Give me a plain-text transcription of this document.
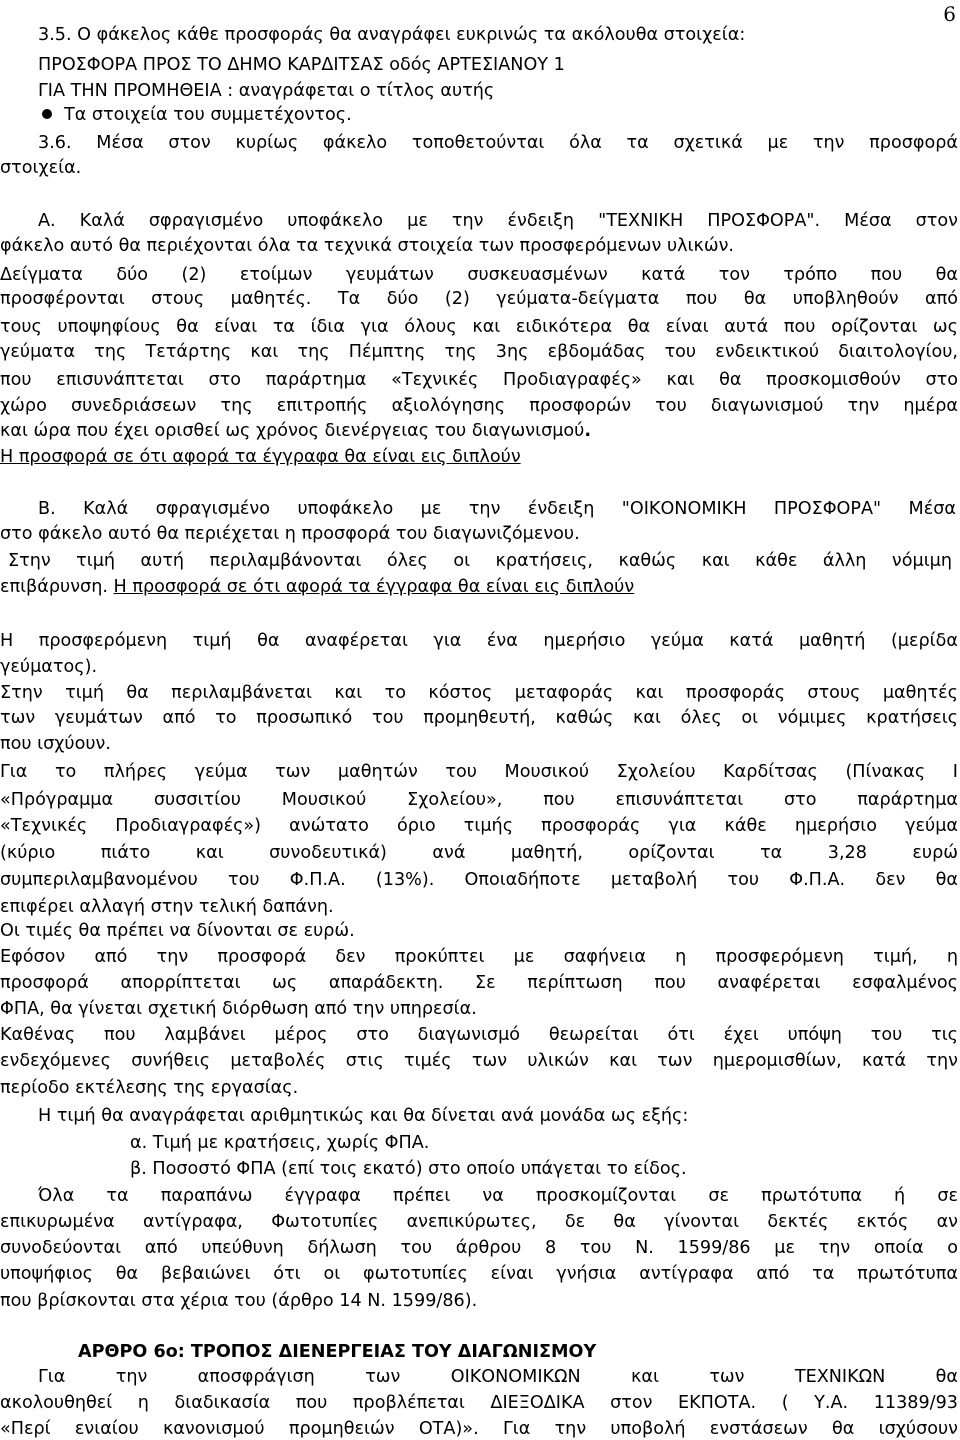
6
3.5. Ο φάκελος κάθε προσφοράς θα αναγράφει ευκρινώς τα ακόλουθα στοιχεία:
ΠΡΟΣΦΟΡΑ ΠΡΟΣ ΤΟ ΔΗΜΟ ΚΑΡΔΙΤΣΑΣ οδός ΑΡΤΕΣΙΑΝΟΥ 1
ΓΙΑ ΤΗΝ ΠΡΟΜΗΘΕΙΑ : αναγράφεται ο τίτλος αυτής
Τα στοιχεία του συμμετέχοντος.
3.6. Μέσα στον κυρίως φάκελο τοποθετούνται όλα τα σχετικά με την προσφορά
στοιχεία.
Α. Καλά σφραγισμένο υποφάκελο με την ένδειξη "ΤΕΧΝΙΚΗ ΠΡΟΣΦΟΡΑ". Μέσα στον
φάκελο αυτό θα περιέχονται όλα τα τεχνικά στοιχεία των προσφερόμενων υλικών.
Δείγματα δύο (2) ετοίμων γευμάτων συσκευασμένων κατά τον τρόπο που θα
προσφέρονται στους μαθητές. Τα δύο (2) γεύματα-δείγματα που θα υποβληθούν από
τους υποψηφίους θα είναι τα ίδια για όλους και ειδικότερα θα είναι αυτά που ορίζονται ως
γεύματα της Τετάρτης και της Πέμπτης της 3ης εβδομάδας του ενδεικτικού διαιτολογίου,
που επισυνάπτεται στο παράρτημα «Τεχνικές Προδιαγραφές» και θα προσκομισθούν στο
χώρο συνεδριάσεων της επιτροπής αξιολόγησης προσφορών του διαγωνισμού την ημέρα
και ώρα που έχει ορισθεί ως χρόνος διενέργειας του διαγωνισμού.
Η προσφορά σε ότι αφορά τα έγγραφα θα είναι εις διπλούν
Β. Καλά σφραγισμένο υποφάκελο με την ένδειξη "ΟΙΚΟΝΟΜΙΚΗ ΠΡΟΣΦΟΡΑ" Μέσα
στο φάκελο αυτό θα περιέχεται η προσφορά του διαγωνιζόμενου.
Στην τιμή αυτή περιλαμβάνονται όλες οι κρατήσεις, καθώς και κάθε άλλη νόμιμη
επιβάρυνση. Η προσφορά σε ότι αφορά τα έγγραφα θα είναι εις διπλούν
Η προσφερόμενη τιμή θα αναφέρεται για ένα ημερήσιο γεύμα κατά μαθητή (μερίδα
γεύματος).
Στην τιμή θα περιλαμβάνεται και το κόστος μεταφοράς και προσφοράς στους μαθητές
των γευμάτων από το προσωπικό του προμηθευτή, καθώς και όλες οι νόμιμες κρατήσεις
που ισχύουν.
Για το πλήρες γεύμα των μαθητών του Μουσικού Σχολείου Καρδίτσας (Πίνακας Ι
«Πρόγραμμα συσσιτίου Μουσικού Σχολείου», που επισυνάπτεται στο παράρτημα
«Τεχνικές Προδιαγραφές») ανώτατο όριο τιμής προσφοράς για κάθε ημερήσιο γεύμα
(κύριο πιάτο και συνοδευτικά) ανά μαθητή, ορίζονται τα 3,28 ευρώ
συμπεριλαμβανομένου του Φ.Π.Α. (13%). Οποιαδήποτε μεταβολή του Φ.Π.Α. δεν θα
επιφέρει αλλαγή στην τελική δαπάνη.
Οι τιμές θα πρέπει να δίνονται σε ευρώ.
Εφόσον από την προσφορά δεν προκύπτει με σαφήνεια η προσφερόμενη τιμή, η
προσφορά απορρίπτεται ως απαράδεκτη. Σε περίπτωση που αναφέρεται εσφαλμένος
ΦΠΑ, θα γίνεται σχετική διόρθωση από την υπηρεσία.
Καθένας που λαμβάνει μέρος στο διαγωνισμό θεωρείται ότι έχει υπόψη του τις
ενδεχόμενες συνήθεις μεταβολές στις τιμές των υλικών και των ημερομισθίων, κατά την
περίοδο εκτέλεσης της εργασίας.
Η τιμή θα αναγράφεται αριθμητικώς και θα δίνεται ανά μονάδα ως εξής:
α. Τιμή με κρατήσεις, χωρίς ΦΠΑ.
β. Ποσοστό ΦΠΑ (επί τοις εκατό) στο οποίο υπάγεται το είδος.
Όλα τα παραπάνω έγγραφα πρέπει να προσκομίζονται σε πρωτότυπα ή σε
επικυρωμένα αντίγραφα, Φωτοτυπίες ανεπικύρωτες, δε θα γίνονται δεκτές εκτός αν
συνοδεύονται από υπεύθυνη δήλωση του άρθρου 8 του Ν. 1599/86 με την οποία ο
υποψήφιος θα βεβαιώνει ότι οι φωτοτυπίες είναι γνήσια αντίγραφα από τα πρωτότυπα
που βρίσκονται στα χέρια του (άρθρο 14 Ν. 1599/86).
ΑΡΘΡΟ 6ο: ΤΡΟΠΟΣ ΔΙΕΝΕΡΓΕΙΑΣ ΤΟΥ ΔΙΑΓΩΝΙΣΜΟΥ
Για την αποσφράγιση των ΟΙΚΟΝΟΜΙΚΩΝ και των ΤΕΧΝΙΚΩΝ θα
ακολουθηθεί η διαδικασία που προβλέπεται ΔΙΕΞΟΔΙΚΑ στον ΕΚΠΟΤΑ. ( Υ.Α. 11389/93
«Περί ενιαίου κανονισμού προμηθειών ΟΤΑ)». Για την υποβολή ενστάσεων θα ισχύσουν
